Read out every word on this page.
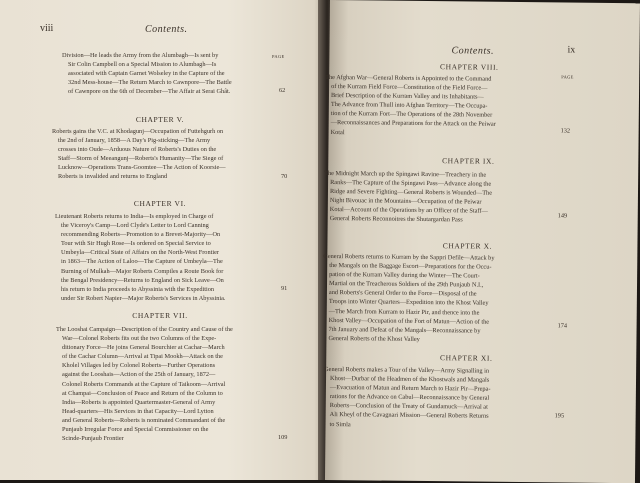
viii	Contents.
PAGE
Division—He leads the Army from the Alumbagh—Is sent by
Sir Colin Campbell on a Special Mission to Alumbagh—Is
associated with Captain Garnet Wolseley in the Capture of the
32nd Mess-house—The Return March to Cawnpore—The Battle
of Cawnpore on the 6th of December—The Affair at Serai Ghât.	62
CHAPTER V.
Roberts gains the V.C. at Khodagunj—Occupation of Futtehgurh on
the 2nd of January, 1858—A Day's Pig-sticking—The Army
crosses into Oude—Arduous Nature of Roberts's Duties on the
Staff—Storm of Meeangunj—Roberts's Humanity—The Siege of
Lucknow—Operations Trans-Goomtee—The Action of Koorsie—
Roberts is invalided and returns to England	70
CHAPTER VI.
Lieutenant Roberts returns to India—Is employed in Charge of
the Viceroy's Camp—Lord Clyde's Letter to Lord Canning
recommending Roberts—Promotion to a Brevet-Majority—On
Tour with Sir Hugh Rose—Is ordered on Special Service to
Umbeyla—Critical State of Affairs on the North-West Frontier
in 1863—The Action of Laloo—The Capture of Umbeyla—The
Burning of Mulkah—Major Roberts Compiles a Route Book for
the Bengal Presidency—Returns to England on Sick Leave—On
his return to India proceeds to Abyssinia with the Expedition
under Sir Robert Napier—Major Roberts's Services in Abyssinia.
91
CHAPTER VII.
The Looshai Campaign—Description of the Country and Cause of the
War—Colonel Roberts fits out the two Columns of the Expe-
ditionary Force—He joins General Bourchier at Cachar—March
of the Cachar Column—Arrival at Tipai Mookh—Attack on the
Kholel Villages led by Colonel Roberts—Further Operations
against the Looshais—Action of the 25th of January, 1872—
Colonel Roberts Commands at the Capture of Taikoom—Arrival
at Champai—Conclusion of Peace and Return of the Column to
India—Roberts is appointed Quartermaster-General of Army
Head-quarters—His Services in that Capacity—Lord Lytton
and General Roberts—Roberts is nominated Commandant of the
Punjaub Irregular Force and Special Commissioner on the
Scinde-Punjaub Frontier	109
Contents.	ix
CHAPTER VIII.
PAGE
The Afghan War—General Roberts is Appointed to the Command
of the Kurram Field Force—Constitution of the Field Force—
Brief Description of the Kurram Valley and its Inhabitants—
The Advance from Thull into Afghan Territory—The Occupa-
tion of the Kurram Fort—The Operations of the 28th November
—Reconnaissances and Preparations for the Attack on the Peiwar
Kotal	132
CHAPTER IX.
The Midnight March up the Spingawi Ravine—Treachery in the
Ranks—The Capture of the Spingawi Pass—Advance along the
Ridge and Severe Fighting—General Roberts is Wounded—The
Night Bivouac in the Mountains—Occupation of the Peiwar
Kotal—Account of the Operations by an Officer of the Staff—
General Roberts Reconnoitres the Shutargardan Pass	149
CHAPTER X.
General Roberts returns to Kurram by the Sappri Defile—Attack by
the Mangals on the Baggage Escort—Preparations for the Occu-
pation of the Kurram Valley during the Winter—The Court-
Martial on the Treacherous Soldiers of the 29th Punjaub N.I.,
and Roberts's General Order to the Force—Disposal of the
Troops into Winter Quarters—Expedition into the Khost Valley
—The March from Kurram to Hazir Pir, and thence into the
Khost Valley—Occupation of the Fort of Matun—Action of the
7th January and Defeat of the Mangals—Reconnaissance by
General Roberts of the Khost Valley
174
CHAPTER XI.
General Roberts makes a Tour of the Valley—Army Signalling in
Khost—Durbar of the Headmen of the Khostwals and Mangals
—Evacuation of Matun and Return March to Hazir Pir—Prepa-
rations for the Advance on Cabul—Reconnaissance by General
Roberts—Conclusion of the Treaty of Gundamuck—Arrival at
Ali Kheyl of the Cavagnari Mission—General Roberts Returns
to Simla
195
